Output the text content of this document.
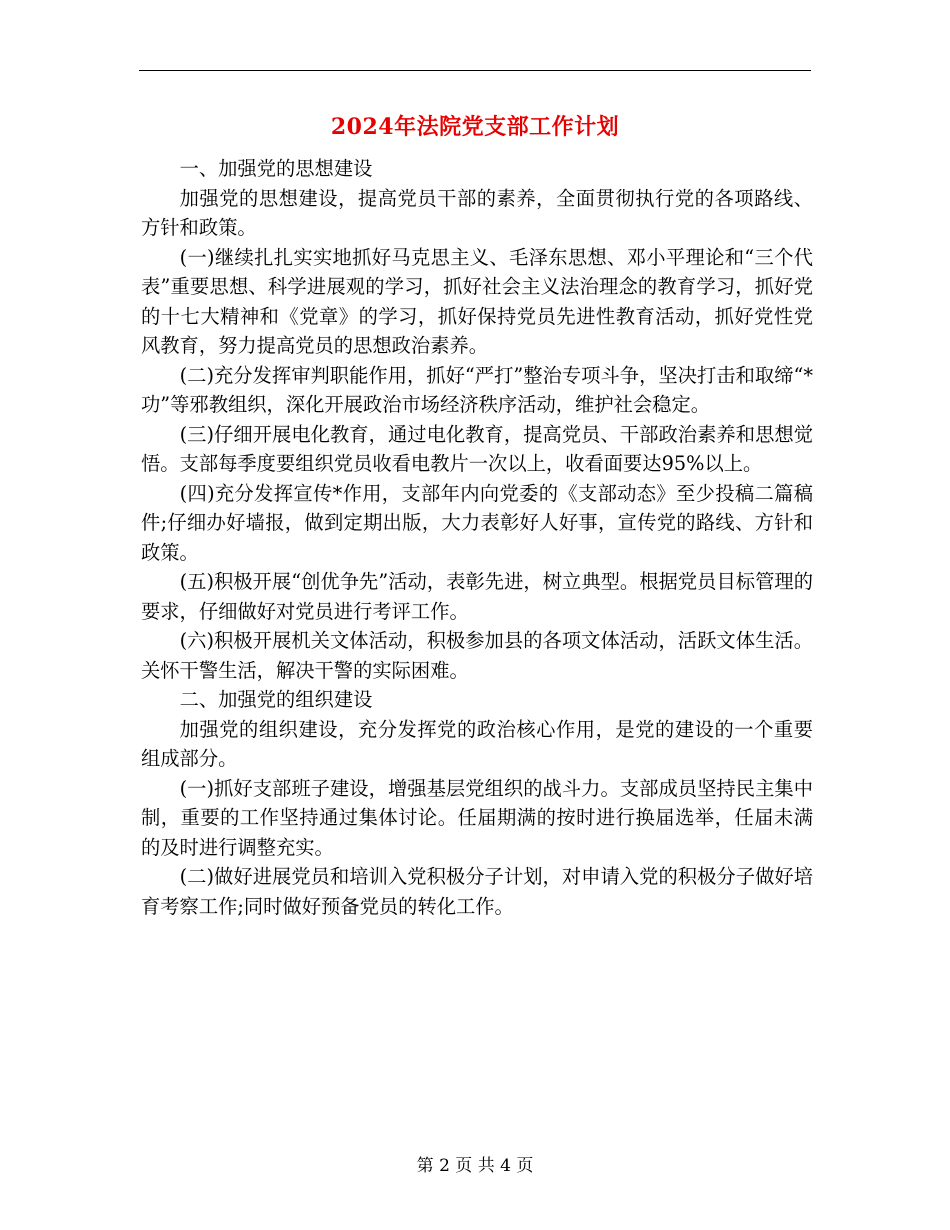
2024年法院党支部工作计划

一、加强党的思想建设

加强党的思想建设，提高党员干部的素养，全面贯彻执行党的各项路线、方针和政策。

(一)继续扎扎实实地抓好马克思主义、毛泽东思想、邓小平理论和“三个代表”重要思想、科学进展观的学习，抓好社会主义法治理念的教育学习，抓好党的十七大精神和《党章》的学习，抓好保持党员先进性教育活动，抓好党性党风教育，努力提高党员的思想政治素养。

(二)充分发挥审判职能作用，抓好“严打”整治专项斗争，坚决打击和取缔“*功”等邪教组织，深化开展政治市场经济秩序活动，维护社会稳定。

(三)仔细开展电化教育，通过电化教育，提高党员、干部政治素养和思想觉悟。支部每季度要组织党员收看电教片一次以上，收看面要达95%以上。

(四)充分发挥宣传*作用，支部年内向党委的《支部动态》至少投稿二篇稿件;仔细办好墙报，做到定期出版，大力表彰好人好事，宣传党的路线、方针和政策。

(五)积极开展“创优争先”活动，表彰先进，树立典型。根据党员目标管理的要求，仔细做好对党员进行考评工作。

(六)积极开展机关文体活动，积极参加县的各项文体活动，活跃文体生活。关怀干警生活，解决干警的实际困难。

二、加强党的组织建设

加强党的组织建设，充分发挥党的政治核心作用，是党的建设的一个重要组成部分。

(一)抓好支部班子建设，增强基层党组织的战斗力。支部成员坚持民主集中制，重要的工作坚持通过集体讨论。任届期满的按时进行换届选举，任届未满的及时进行调整充实。

(二)做好进展党员和培训入党积极分子计划，对申请入党的积极分子做好培育考察工作;同时做好预备党员的转化工作。

第 2 页 共 4 页
